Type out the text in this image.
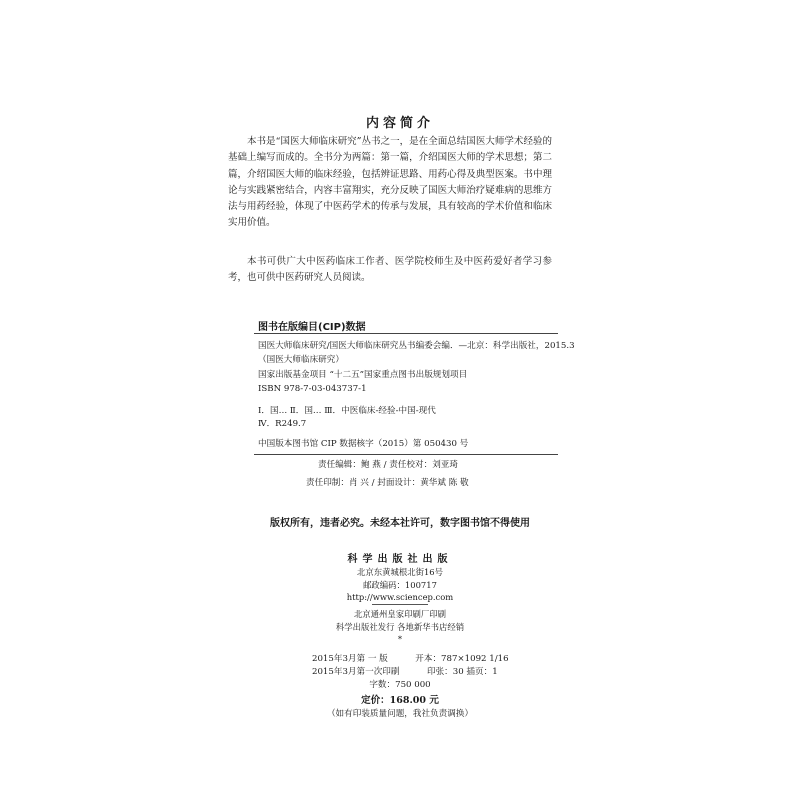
内容简介

本书是“国医大师临床研究”丛书之一，是在全面总结国医大师学术经验的基础上编写而成的。全书分为两篇：第一篇，介绍国医大师的学术思想；第二篇，介绍国医大师的临床经验，包括辨证思路、用药心得及典型医案。书中理论与实践紧密结合，内容丰富翔实，充分反映了国医大师治疗疑难病的思维方法与用药经验，体现了中医药学术的传承与发展，具有较高的学术价值和临床实用价值。

本书可供广大中医药临床工作者、医学院校师生及中医药爱好者学习参考，也可供中医药研究人员阅读。

图书在版编目(CIP)数据
国医大师临床研究/国医大师临床研究丛书编委会编．—北京：科学出版社，2015.3
（国医大师临床研究）
国家出版基金项目 “十二五”国家重点图书出版规划项目
ISBN 978-7-03-043737-1
Ⅰ．国… Ⅱ．国… Ⅲ．中医临床-经验-中国-现代
Ⅳ．R249.7
中国版本图书馆 CIP 数据核字（2015）第 050430 号
责任编辑：鲍 燕 / 责任校对：刘亚琦
责任印制：肖 兴 / 封面设计：黄华斌 陈 敬
版权所有，违者必究。未经本社许可，数字图书馆不得使用
科学出版社出版
北京东黄城根北街16号
邮政编码：100717
http://www.sciencep.com
北京通州皇家印刷厂印刷
科学出版社发行 各地新华书店经销
*
2015年3月第 一 版	开本：787×1092 1/16
2015年3月第一次印刷	印张：30 插页：1
字数：750 000
定价：168.00 元
（如有印装质量问题，我社负责调换）
